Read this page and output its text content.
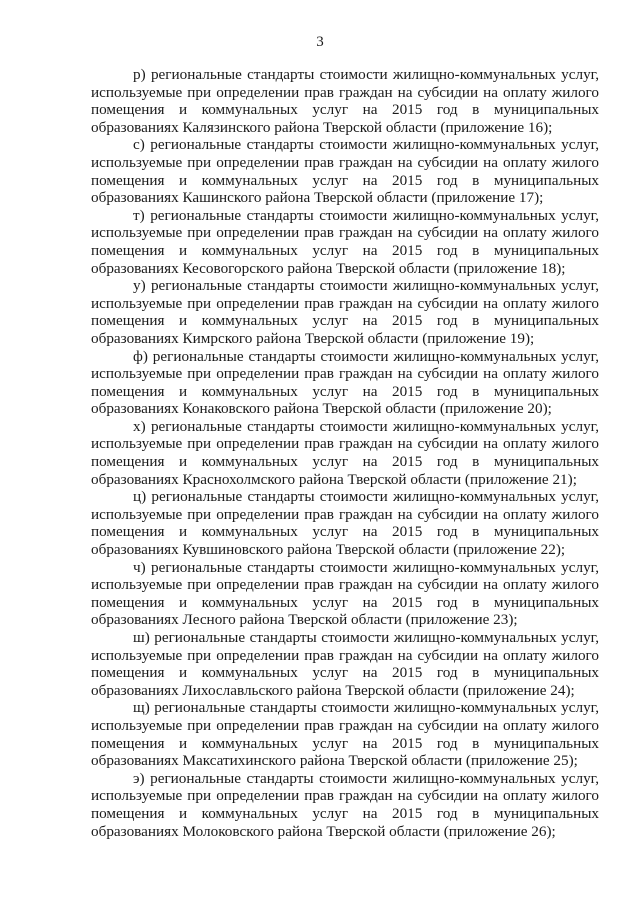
3
р) региональные стандарты стоимости жилищно-коммунальных услуг,
используемые при определении прав граждан на субсидии на оплату жилого
помещения и коммунальных услуг на 2015 год в муниципальных
образованиях Калязинского района Тверской области (приложение 16);
с) региональные стандарты стоимости жилищно-коммунальных услуг,
используемые при определении прав граждан на субсидии на оплату жилого
помещения и коммунальных услуг на 2015 год в муниципальных
образованиях Кашинского района Тверской области (приложение 17);
т) региональные стандарты стоимости жилищно-коммунальных услуг,
используемые при определении прав граждан на субсидии на оплату жилого
помещения и коммунальных услуг на 2015 год в муниципальных
образованиях Кесовогорского района Тверской области (приложение 18);
у) региональные стандарты стоимости жилищно-коммунальных услуг,
используемые при определении прав граждан на субсидии на оплату жилого
помещения и коммунальных услуг на 2015 год в муниципальных
образованиях Кимрского района Тверской области (приложение 19);
ф) региональные стандарты стоимости жилищно-коммунальных услуг,
используемые при определении прав граждан на субсидии на оплату жилого
помещения и коммунальных услуг на 2015 год в муниципальных
образованиях Конаковского района Тверской области (приложение 20);
х) региональные стандарты стоимости жилищно-коммунальных услуг,
используемые при определении прав граждан на субсидии на оплату жилого
помещения и коммунальных услуг на 2015 год в муниципальных
образованиях Краснохолмского района Тверской области (приложение 21);
ц) региональные стандарты стоимости жилищно-коммунальных услуг,
используемые при определении прав граждан на субсидии на оплату жилого
помещения и коммунальных услуг на 2015 год в муниципальных
образованиях Кувшиновского района Тверской области (приложение 22);
ч) региональные стандарты стоимости жилищно-коммунальных услуг,
используемые при определении прав граждан на субсидии на оплату жилого
помещения и коммунальных услуг на 2015 год в муниципальных
образованиях Лесного района Тверской области (приложение 23);
ш) региональные стандарты стоимости жилищно-коммунальных услуг,
используемые при определении прав граждан на субсидии на оплату жилого
помещения и коммунальных услуг на 2015 год в муниципальных
образованиях Лихославльского района Тверской области (приложение 24);
щ) региональные стандарты стоимости жилищно-коммунальных услуг,
используемые при определении прав граждан на субсидии на оплату жилого
помещения и коммунальных услуг на 2015 год в муниципальных
образованиях Максатихинского района Тверской области (приложение 25);
э) региональные стандарты стоимости жилищно-коммунальных услуг,
используемые при определении прав граждан на субсидии на оплату жилого
помещения и коммунальных услуг на 2015 год в муниципальных
образованиях Молоковского района Тверской области (приложение 26);
